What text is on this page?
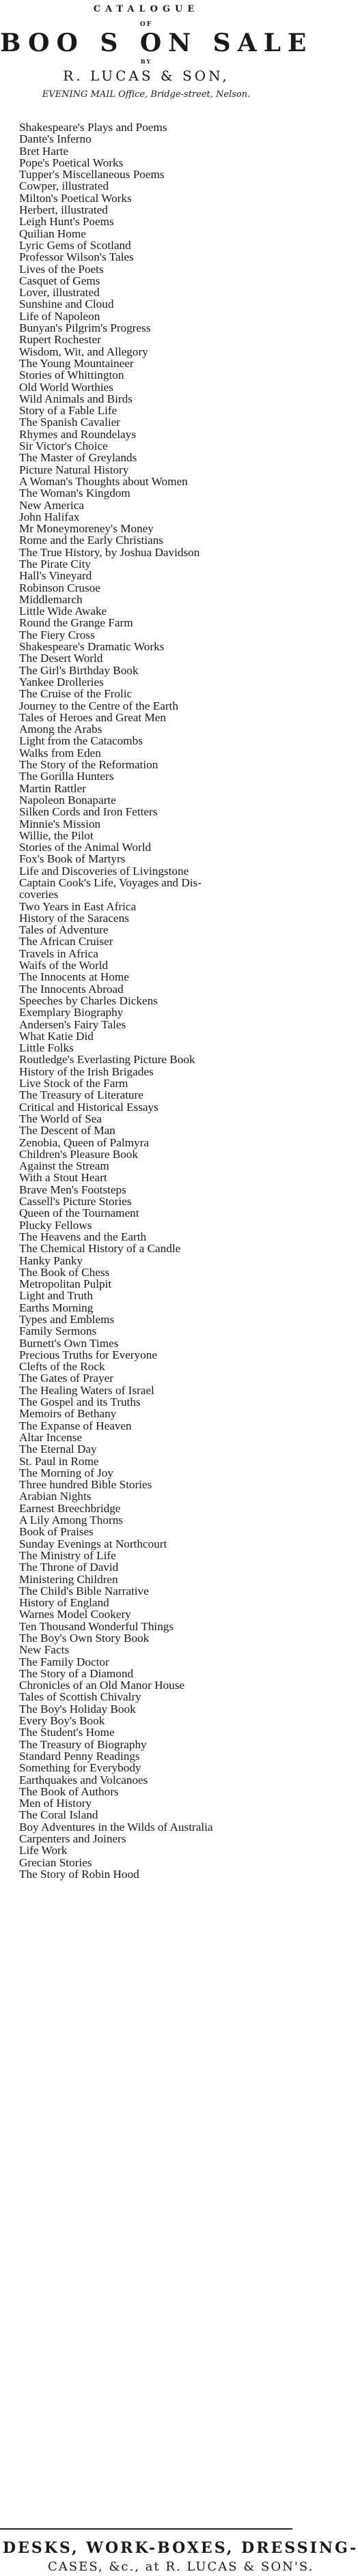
CATALOGUE
OF
BOO S ON SALE
BY
R. LUCAS & SON,
EVENING MAIL Office, Bridge-street, Nelson.
Shakespeare's Plays and Poems
Dante's Inferno
Bret Harte
Pope's Poetical Works
Tupper's Miscellaneous Poems
Cowper, illustrated
Milton's Poetical Works
Herbert, illustrated
Leigh Hunt's Poems
Quilian Home
Lyric Gems of Scotland
Professor Wilson's Tales
Lives of the Poets
Casquet of Gems
Lover, illustrated
Sunshine and Cloud
Life of Napoleon
Bunyan's Pilgrim's Progress
Rupert Rochester
Wisdom, Wit, and Allegory
The Young Mountaineer
Stories of Whittington
Old World Worthies
Wild Animals and Birds
Story of a Fable Life
The Spanish Cavalier
Rhymes and Roundelays
Sir Victor's Choice
The Master of Greylands
Picture Natural History
A Woman's Thoughts about Women
The Woman's Kingdom
New America
John Halifax
Mr Moneymoreney's Money
Rome and the Early Christians
The True History, by Joshua Davidson
The Pirate City
Hall's Vineyard
Robinson Crusoe
Middlemarch
Little Wide Awake
Round the Grange Farm
The Fiery Cross
Shakespeare's Dramatic Works
The Desert World
The Girl's Birthday Book
Yankee Drolleries
The Cruise of the Frolic
Journey to the Centre of the Earth
Tales of Heroes and Great Men
Among the Arabs
Light from the Catacombs
Walks from Eden
The Story of the Reformation
The Gorilla Hunters
Martin Rattler
Napoleon Bonaparte
Silken Cords and Iron Fetters
Minnie's Mission
Willie, the Pilot
Stories of the Animal World
Fox's Book of Martyrs
Life and Discoveries of Livingstone
Captain Cook's Life, Voyages and Dis-
coveries
Two Years in East Africa
History of the Saracens
Tales of Adventure
The African Cruiser
Travels in Africa
Waifs of the World
The Innocents at Home
The Innocents Abroad
Speeches by Charles Dickens
Exemplary Biography
Andersen's Fairy Tales
What Katie Did
Little Folks
Routledge's Everlasting Picture Book
History of the Irish Brigades
Live Stock of the Farm
The Treasury of Literature
Critical and Historical Essays
The World of Sea
The Descent of Man
Zenobia, Queen of Palmyra
Children's Pleasure Book
Against the Stream
With a Stout Heart
Brave Men's Footsteps
Cassell's Picture Stories
Queen of the Tournament
Plucky Fellows
The Heavens and the Earth
The Chemical History of a Candle
Hanky Panky
The Book of Chess
Metropolitan Pulpit
Light and Truth
Earths Morning
Types and Emblems
Family Sermons
Burnett's Own Times
Precious Truths for Everyone
Clefts of the Rock
The Gates of Prayer
The Healing Waters of Israel
The Gospel and its Truths
Memoirs of Bethany
The Expanse of Heaven
Altar Incense
The Eternal Day
St. Paul in Rome
The Morning of Joy
Three hundred Bible Stories
Arabian Nights
Earnest Breechbridge
A Lily Among Thorns
Book of Praises
Sunday Evenings at Northcourt
The Ministry of Life
The Throne of David
Ministering Children
The Child's Bible Narrative
History of England
Warnes Model Cookery
Ten Thousand Wonderful Things
The Boy's Own Story Book
New Facts
The Family Doctor
The Story of a Diamond
Chronicles of an Old Manor House
Tales of Scottish Chivalry
The Boy's Holiday Book
Every Boy's Book
The Student's Home
The Treasury of Biography
Standard Penny Readings
Something for Everybody
Earthquakes and Volcanoes
The Book of Authors
Men of History
The Coral Island
Boy Adventures in the Wilds of Australia
Carpenters and Joiners
Life Work
Grecian Stories
The Story of Robin Hood
DESKS, WORK-BOXES, DRESSING-
CASES, &c., at R. LUCAS & SON'S.
